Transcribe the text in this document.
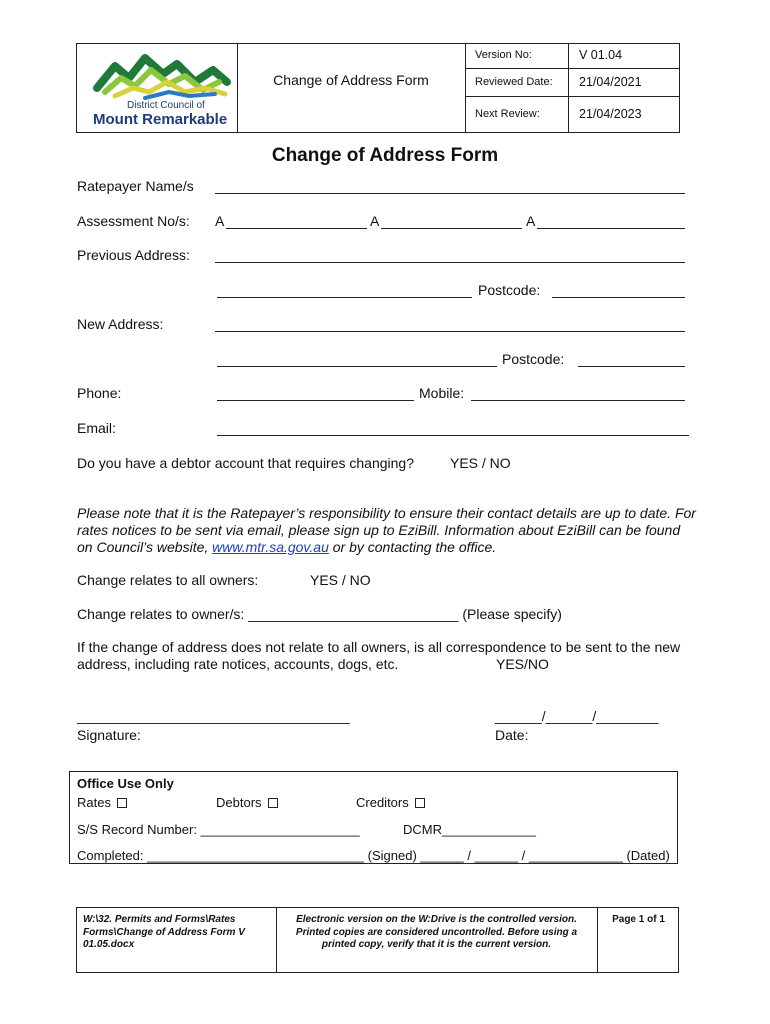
District Council of
Mount Remarkable
Change of Address Form
Version No:	V 01.04
Reviewed Date: 21/04/2021
Next Review:	21/04/2023
Change of Address Form
Ratepayer Name/s
Assessment No/s: A	A	A
Previous Address:
Postcode:
New Address:
Postcode:
Phone:	Mobile:
Email:
Do you have a debtor account that requires changing?	YES / NO
Please note that it is the Ratepayer’s responsibility to ensure their contact details are up to date. For rates notices to be sent via email, please sign up to EziBill. Information about EziBill can be found on Council’s website, www.mtr.sa.gov.au or by contacting the office.
Change relates to all owners:	YES / NO
Change relates to owner/s: ___________________________ (Please specify)
If the change of address does not relate to all owners, is all correspondence to be sent to the new address, including rate notices, accounts, dogs, etc.	YES/NO
___________________________________
Signature:
______/______/________
Date:
Office Use Only
Rates	Debtors	Creditors
S/S Record Number: ______________________	DCMR_____________
Completed: ______________________________ (Signed) ______ / ______ / _____________ (Dated)
W:\32. Permits and Forms\Rates Forms\Change of Address Form V 01.05.docx
Electronic version on the W:Drive is the controlled version. Printed copies are considered uncontrolled. Before using a printed copy, verify that it is the current version.
Page 1 of 1
